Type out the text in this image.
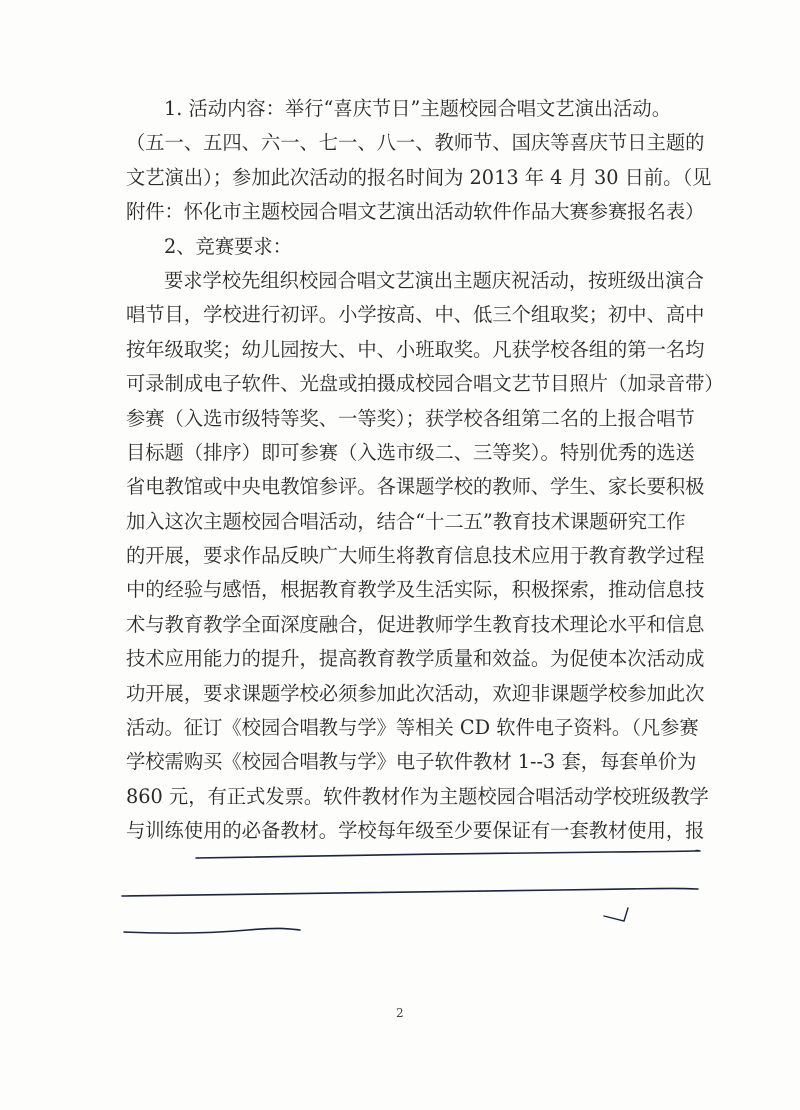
1. 活动内容：举行“喜庆节日”主题校园合唱文艺演出活动。
（五一、五四、六一、七一、八一、教师节、国庆等喜庆节日主题的
文艺演出）；参加此次活动的报名时间为 2013 年 4 月 30 日前。（见
附件：怀化市主题校园合唱文艺演出活动软件作品大赛参赛报名表）
2、竞赛要求：
要求学校先组织校园合唱文艺演出主题庆祝活动，按班级出演合
唱节目，学校进行初评。小学按高、中、低三个组取奖；初中、高中
按年级取奖；幼儿园按大、中、小班取奖。凡获学校各组的第一名均
可录制成电子软件、光盘或拍摄成校园合唱文艺节目照片（加录音带）
参赛（入选市级特等奖、一等奖）；获学校各组第二名的上报合唱节
目标题（排序）即可参赛（入选市级二、三等奖）。特别优秀的选送
省电教馆或中央电教馆参评。各课题学校的教师、学生、家长要积极
加入这次主题校园合唱活动，结合“十二五”教育技术课题研究工作
的开展，要求作品反映广大师生将教育信息技术应用于教育教学过程
中的经验与感悟，根据教育教学及生活实际，积极探索，推动信息技
术与教育教学全面深度融合，促进教师学生教育技术理论水平和信息
技术应用能力的提升，提高教育教学质量和效益。为促使本次活动成
功开展，要求课题学校必须参加此次活动，欢迎非课题学校参加此次
活动。征订《校园合唱教与学》等相关 CD 软件电子资料。（凡参赛
学校需购买《校园合唱教与学》电子软件教材 1--3 套，每套单价为
860 元，有正式发票。软件教材作为主题校园合唱活动学校班级教学
与训练使用的必备教材。学校每年级至少要保证有一套教材使用，报
2
